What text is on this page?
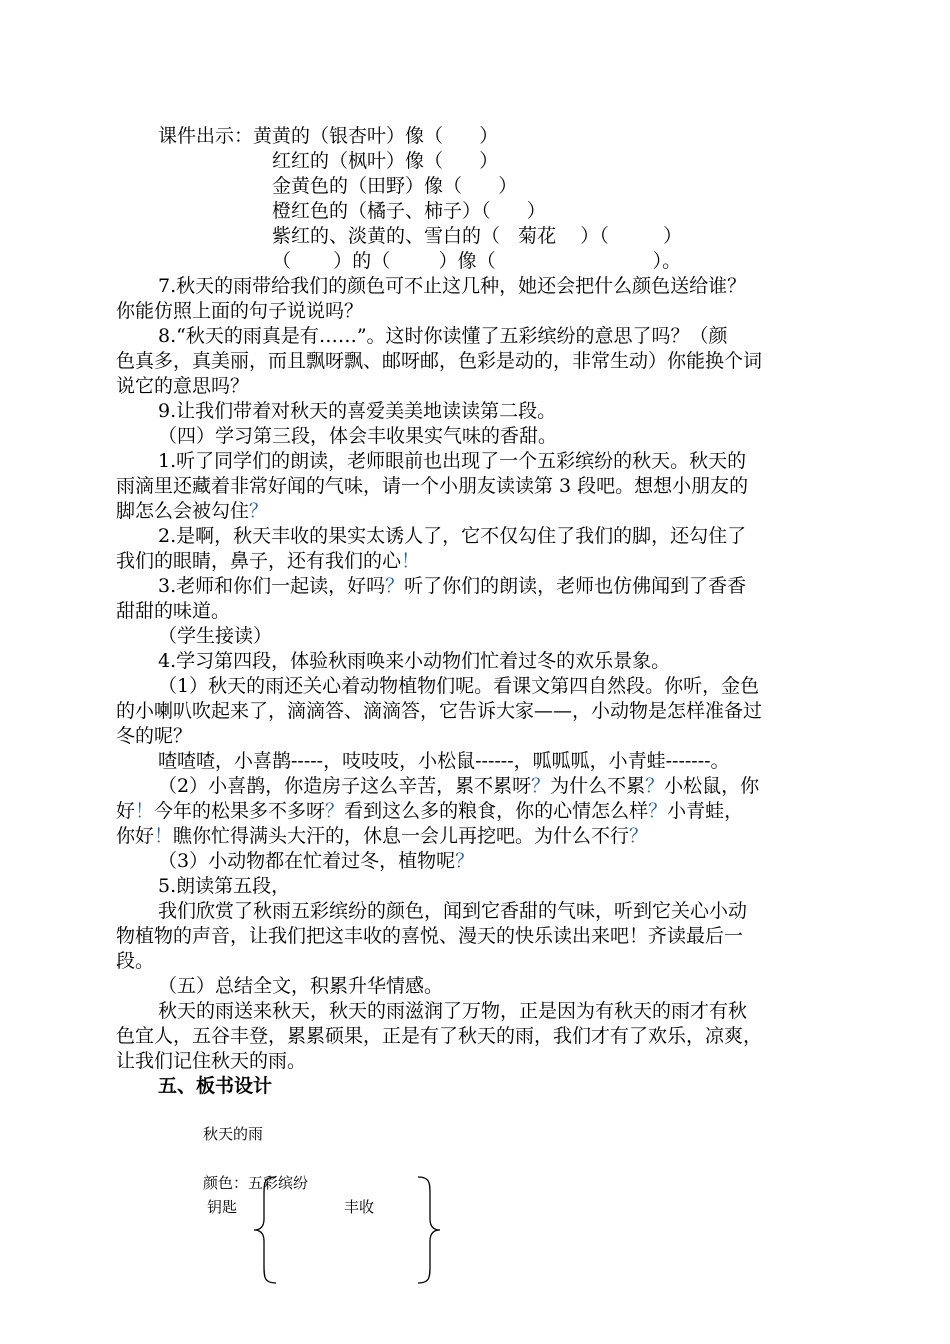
课件出示：黄黄的（银杏叶）像（      ）
红红的（枫叶）像（      ）
金黄色的（田野）像（      ）
橙红色的（橘子、柿子）（      ）
紫红的、淡黄的、雪白的（   菊花    ）（         ）
（       ）的（        ）像（                          ）。
7.秋天的雨带给我们的颜色可不止这几种，她还会把什么颜色送给谁？
你能仿照上面的句子说说吗？
8.“秋天的雨真是有……”。这时你读懂了五彩缤纷的意思了吗？（颜
色真多，真美丽，而且飘呀飘、邮呀邮，色彩是动的，非常生动）你能换个词
说它的意思吗？
9.让我们带着对秋天的喜爱美美地读读第二段。
（四）学习第三段，体会丰收果实气味的香甜。
1.听了同学们的朗读，老师眼前也出现了一个五彩缤纷的秋天。秋天的
雨滴里还藏着非常好闻的气味，请一个小朋友读读第 3 段吧。想想小朋友的
脚怎么会被勾住？
2.是啊，秋天丰收的果实太诱人了，它不仅勾住了我们的脚，还勾住了
我们的眼睛，鼻子，还有我们的心！
3.老师和你们一起读，好吗？听了你们的朗读，老师也仿佛闻到了香香
甜甜的味道。
（学生接读）
4.学习第四段，体验秋雨唤来小动物们忙着过冬的欢乐景象。
（1）秋天的雨还关心着动物植物们呢。看课文第四自然段。你听，金色
的小喇叭吹起来了，滴滴答、滴滴答，它告诉大家——，小动物是怎样准备过
冬的呢？
喳喳喳，小喜鹊-----，吱吱吱，小松鼠------，呱呱呱，小青蛙-------。
（2）小喜鹊，你造房子这么辛苦，累不累呀？为什么不累？小松鼠，你
好！今年的松果多不多呀？看到这么多的粮食，你的心情怎么样？小青蛙，
你好！瞧你忙得满头大汗的，休息一会儿再挖吧。为什么不行？
（3）小动物都在忙着过冬，植物呢？
5.朗读第五段，
我们欣赏了秋雨五彩缤纷的颜色，闻到它香甜的气味，听到它关心小动
物植物的声音，让我们把这丰收的喜悦、漫天的快乐读出来吧！齐读最后一
段。
（五）总结全文，积累升华情感。
秋天的雨送来秋天，秋天的雨滋润了万物，正是因为有秋天的雨才有秋
色宜人，五谷丰登，累累硕果，正是有了秋天的雨，我们才有了欢乐，凉爽，
让我们记住秋天的雨。
五、板书设计
秋天的雨
颜色：五彩缤纷
钥匙	丰收
